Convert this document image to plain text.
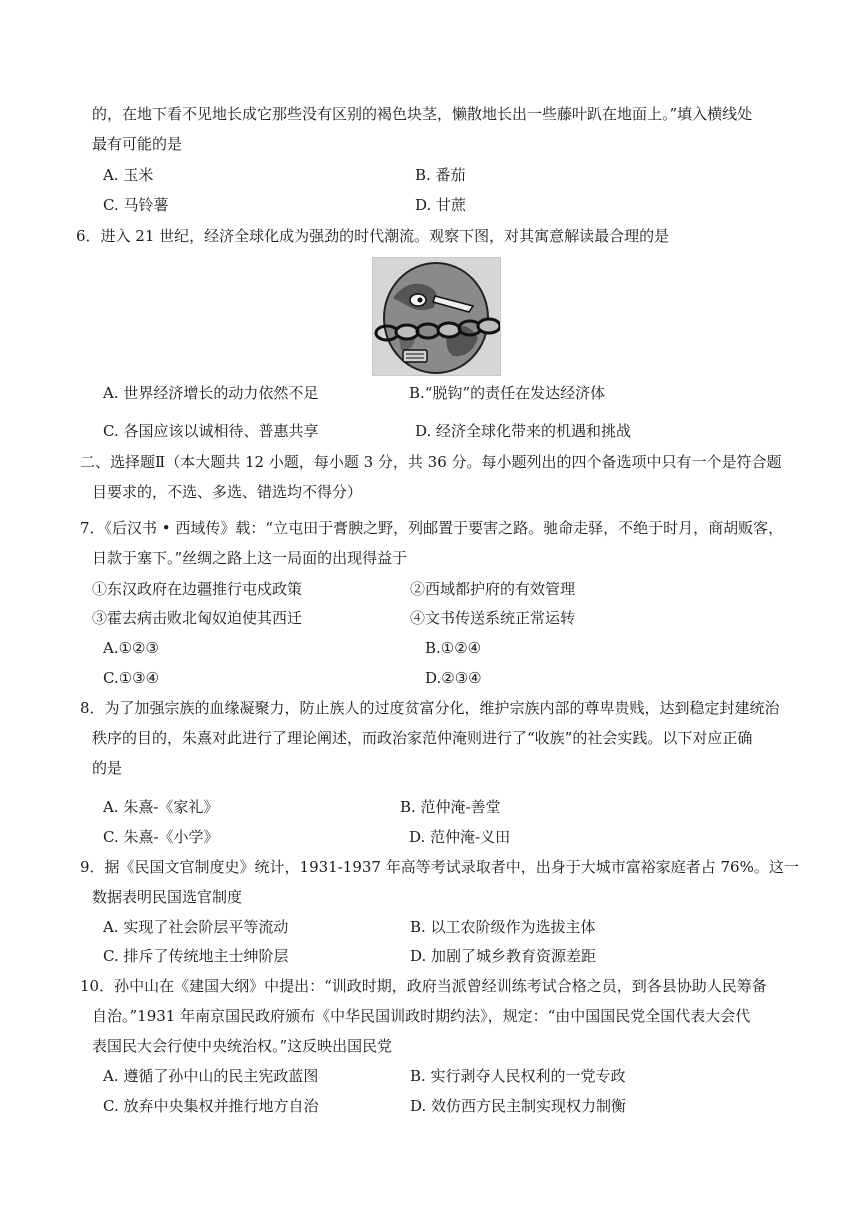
的，在地下看不见地长成它那些没有区别的褐色块茎，懒散地长出一些藤叶趴在地面上。”填入横线处
最有可能的是
A. 玉米	B. 番茄
C. 马铃薯	D. 甘蔗
6．进入 21 世纪，经济全球化成为强劲的时代潮流。观察下图，对其寓意解读最合理的是
A. 世界经济增长的动力依然不足	B.“脱钩”的责任在发达经济体
C. 各国应该以诚相待、普惠共享	D. 经济全球化带来的机遇和挑战
二、选择题Ⅱ（本大题共 12 小题，每小题 3 分，共 36 分。每小题列出的四个备选项中只有一个是符合题
目要求的，不选、多选、错选均不得分）
7．《后汉书 • 西域传》载：“立屯田于膏腴之野，列邮置于要害之路。驰命走驿，不绝于时月，商胡贩客，
日款于塞下。”丝绸之路上这一局面的出现得益于
①东汉政府在边疆推行屯戍政策	②西域都护府的有效管理
③霍去病击败北匈奴迫使其西迁	④文书传送系统正常运转
A.①②③	B.①②④
C.①③④	D.②③④
8．为了加强宗族的血缘凝聚力，防止族人的过度贫富分化，维护宗族内部的尊卑贵贱，达到稳定封建统治
秩序的目的，朱熹对此进行了理论阐述，而政治家范仲淹则进行了“收族”的社会实践。以下对应正确
的是
A. 朱熹-《家礼》	B. 范仲淹-善堂
C. 朱熹-《小学》	D. 范仲淹-义田
9．据《民国文官制度史》统计，1931-1937 年高等考试录取者中，出身于大城市富裕家庭者占 76%。这一
数据表明民国选官制度
A. 实现了社会阶层平等流动	B. 以工农阶级作为选拔主体
C. 排斥了传统地主士绅阶层	D. 加剧了城乡教育资源差距
10．孙中山在《建国大纲》中提出：“训政时期，政府当派曾经训练考试合格之员，到各县协助人民筹备
自治。”1931 年南京国民政府颁布《中华民国训政时期约法》，规定：“由中国国民党全国代表大会代
表国民大会行使中央统治权。”这反映出国民党
A. 遵循了孙中山的民主宪政蓝图	B. 实行剥夺人民权利的一党专政
C. 放弃中央集权并推行地方自治	D. 效仿西方民主制实现权力制衡
